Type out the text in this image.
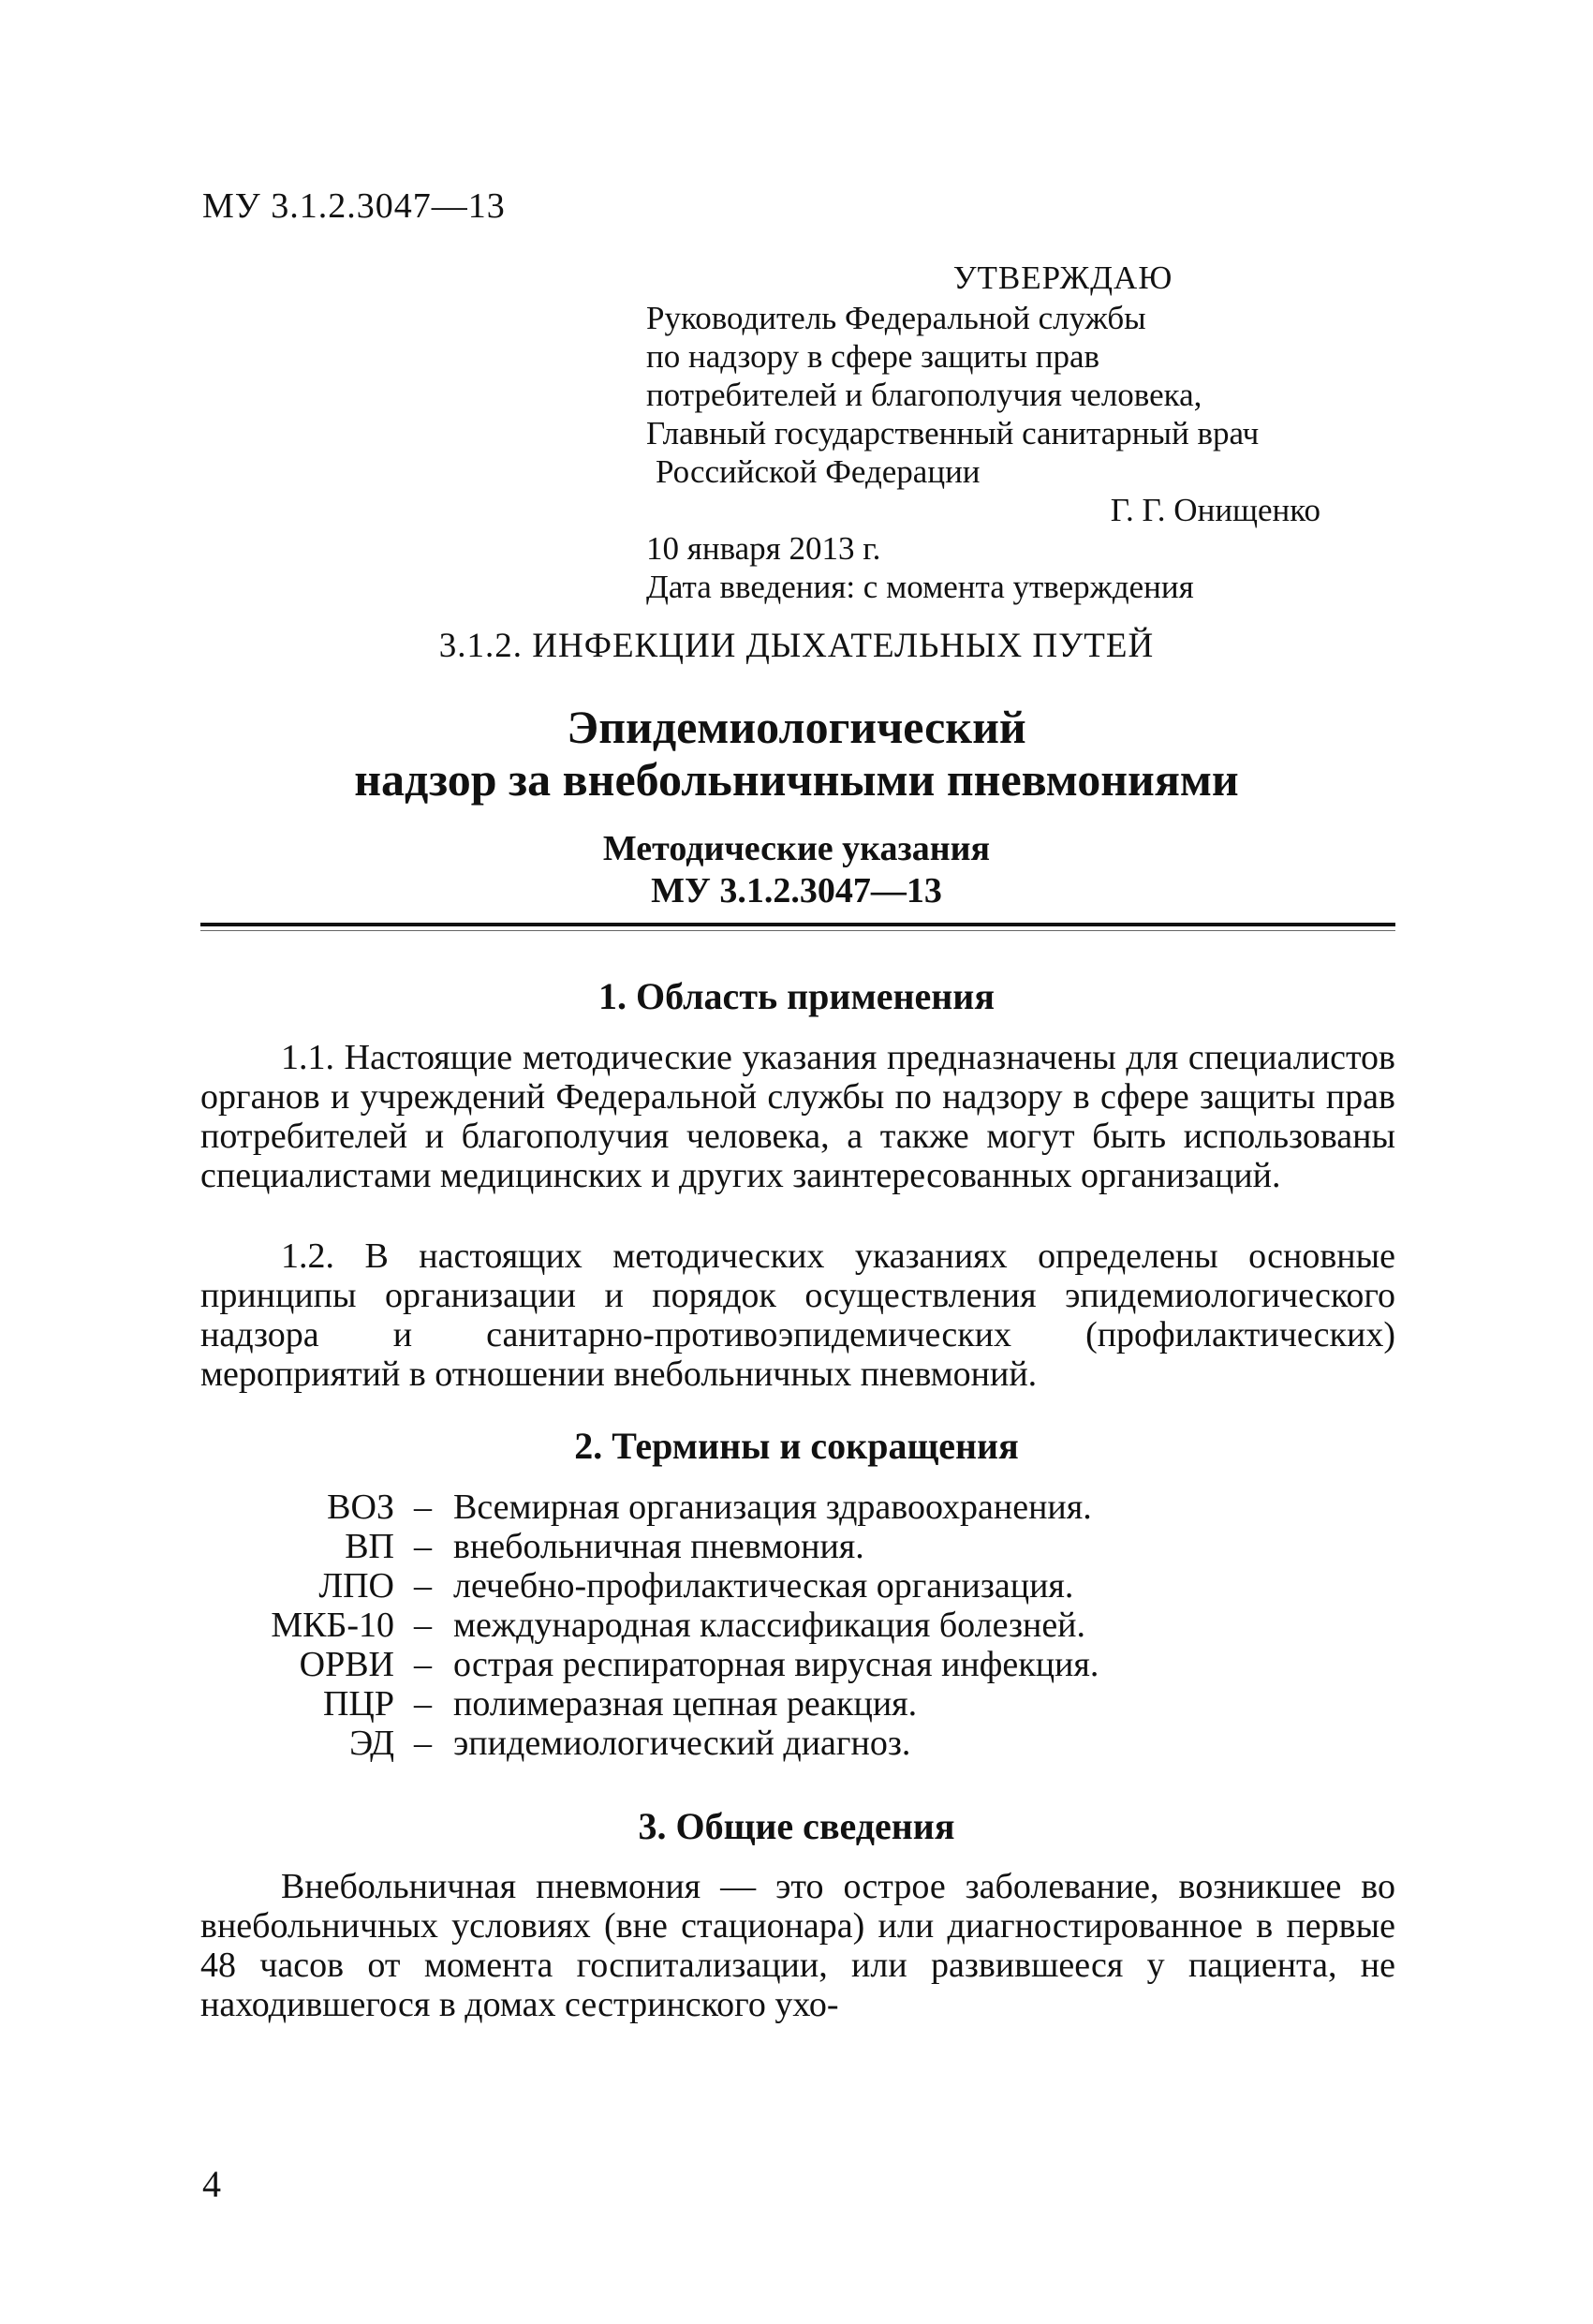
МУ 3.1.2.3047—13
УТВЕРЖДАЮ
Руководитель Федеральной службы
по надзору в сфере защиты прав
потребителей и благополучия человека,
Главный государственный санитарный врач
Российской Федерации
Г. Г. Онищенко
10 января 2013 г.
Дата введения: с момента утверждения
3.1.2. ИНФЕКЦИИ ДЫХАТЕЛЬНЫХ ПУТЕЙ
Эпидемиологический
надзор за внебольничными пневмониями
Методические указания
МУ 3.1.2.3047—13
1. Область применения

1.1. Настоящие методические указания предназначены для специалистов органов и учреждений Федеральной службы по надзору в сфере защиты прав потребителей и благополучия человека, а также могут быть использованы специалистами медицинских и других заинтересованных организаций.

1.2. В настоящих методических указаниях определены основные принципы организации и порядок осуществления эпидемиологического надзора и санитарно-противоэпидемических (профилактических) мероприятий в отношении внебольничных пневмоний.

2. Термины и сокращения
ВОЗ – Всемирная организация здравоохранения.
ВП – внебольничная пневмония.
ЛПО – лечебно-профилактическая организация.
МКБ-10 – международная классификация болезней.
ОРВИ – острая респираторная вирусная инфекция.
ПЦР – полимеразная цепная реакция.
ЭД – эпидемиологический диагноз.
3. Общие сведения

Внебольничная пневмония — это острое заболевание, возникшее во внебольничных условиях (вне стационара) или диагностированное в первые 48 часов от момента госпитализации, или развившееся у пациента, не находившегося в домах сестринского ухо-

4
